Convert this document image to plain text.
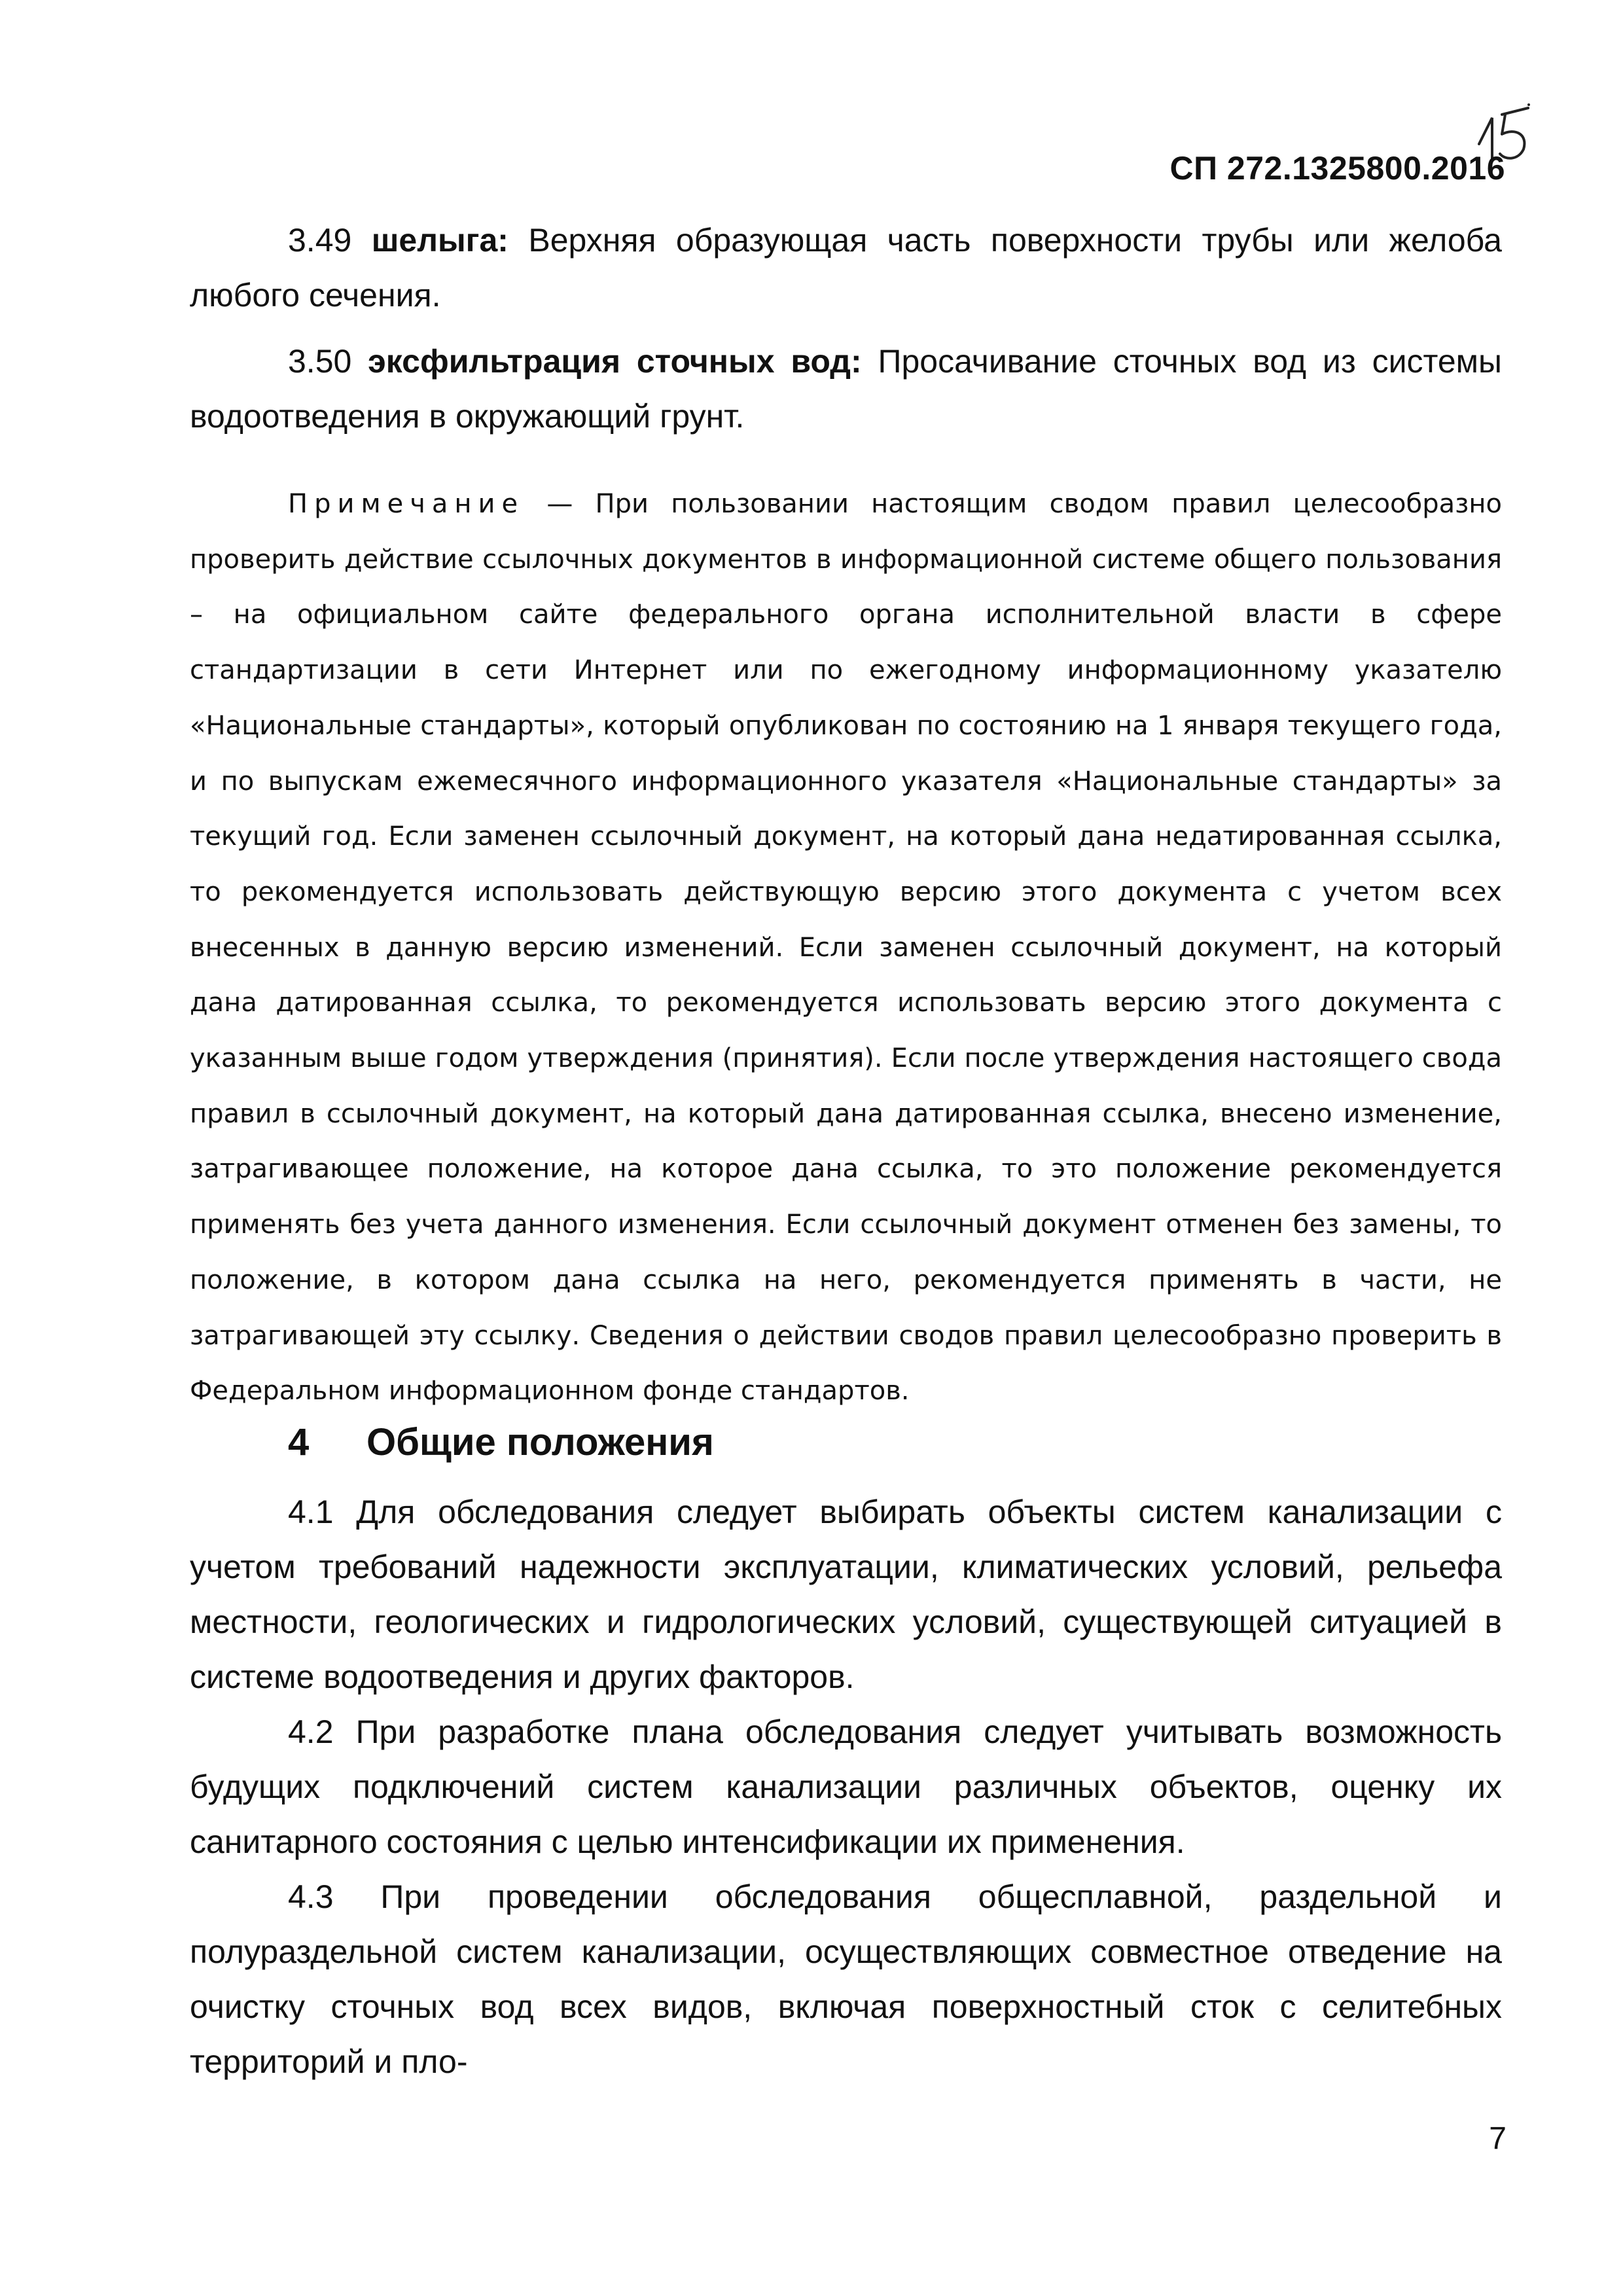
СП 272.1325800.2016

3.49 шелыга: Верхняя образующая часть поверхности трубы или желоба любого сечения.

3.50 эксфильтрация сточных вод: Просачивание сточных вод из системы водоотведения в окружающий грунт.

Примечание — При пользовании настоящим сводом правил целесообразно проверить действие ссылочных документов в информационной системе общего пользования – на официальном сайте федерального органа исполнительной власти в сфере стандартизации в сети Интернет или по ежегодному информационному указателю «Национальные стандарты», который опубликован по состоянию на 1 января текущего года, и по выпускам ежемесячного информационного указателя «Национальные стандарты» за текущий год. Если заменен ссылочный документ, на который дана недатированная ссылка, то рекомендуется использовать действующую версию этого документа с учетом всех внесенных в данную версию изменений. Если заменен ссылочный документ, на который дана датированная ссылка, то рекомендуется использовать версию этого документа с указанным выше годом утверждения (принятия). Если после утверждения настоящего свода правил в ссылочный документ, на который дана датированная ссылка, внесено изменение, затрагивающее положение, на которое дана ссылка, то это положение рекомендуется применять без учета данного изменения. Если ссылочный документ отменен без замены, то положение, в котором дана ссылка на него, рекомендуется применять в части, не затрагивающей эту ссылку. Сведения о действии сводов правил целесообразно проверить в Федеральном информационном фонде стандартов.

4 Общие положения

4.1 Для обследования следует выбирать объекты систем канализации с учетом требований надежности эксплуатации, климатических условий, рельефа местности, геологических и гидрологических условий, существующей ситуацией в системе водоотведения и других факторов.

4.2 При разработке плана обследования следует учитывать возможность будущих подключений систем канализации различных объектов, оценку их санитарного состояния с целью интенсификации их применения.

4.3 При проведении обследования общесплавной, раздельной и полураздельной систем канализации, осуществляющих совместное отведение на очистку сточных вод всех видов, включая поверхностный сток с селитебных территорий и пло-

7
